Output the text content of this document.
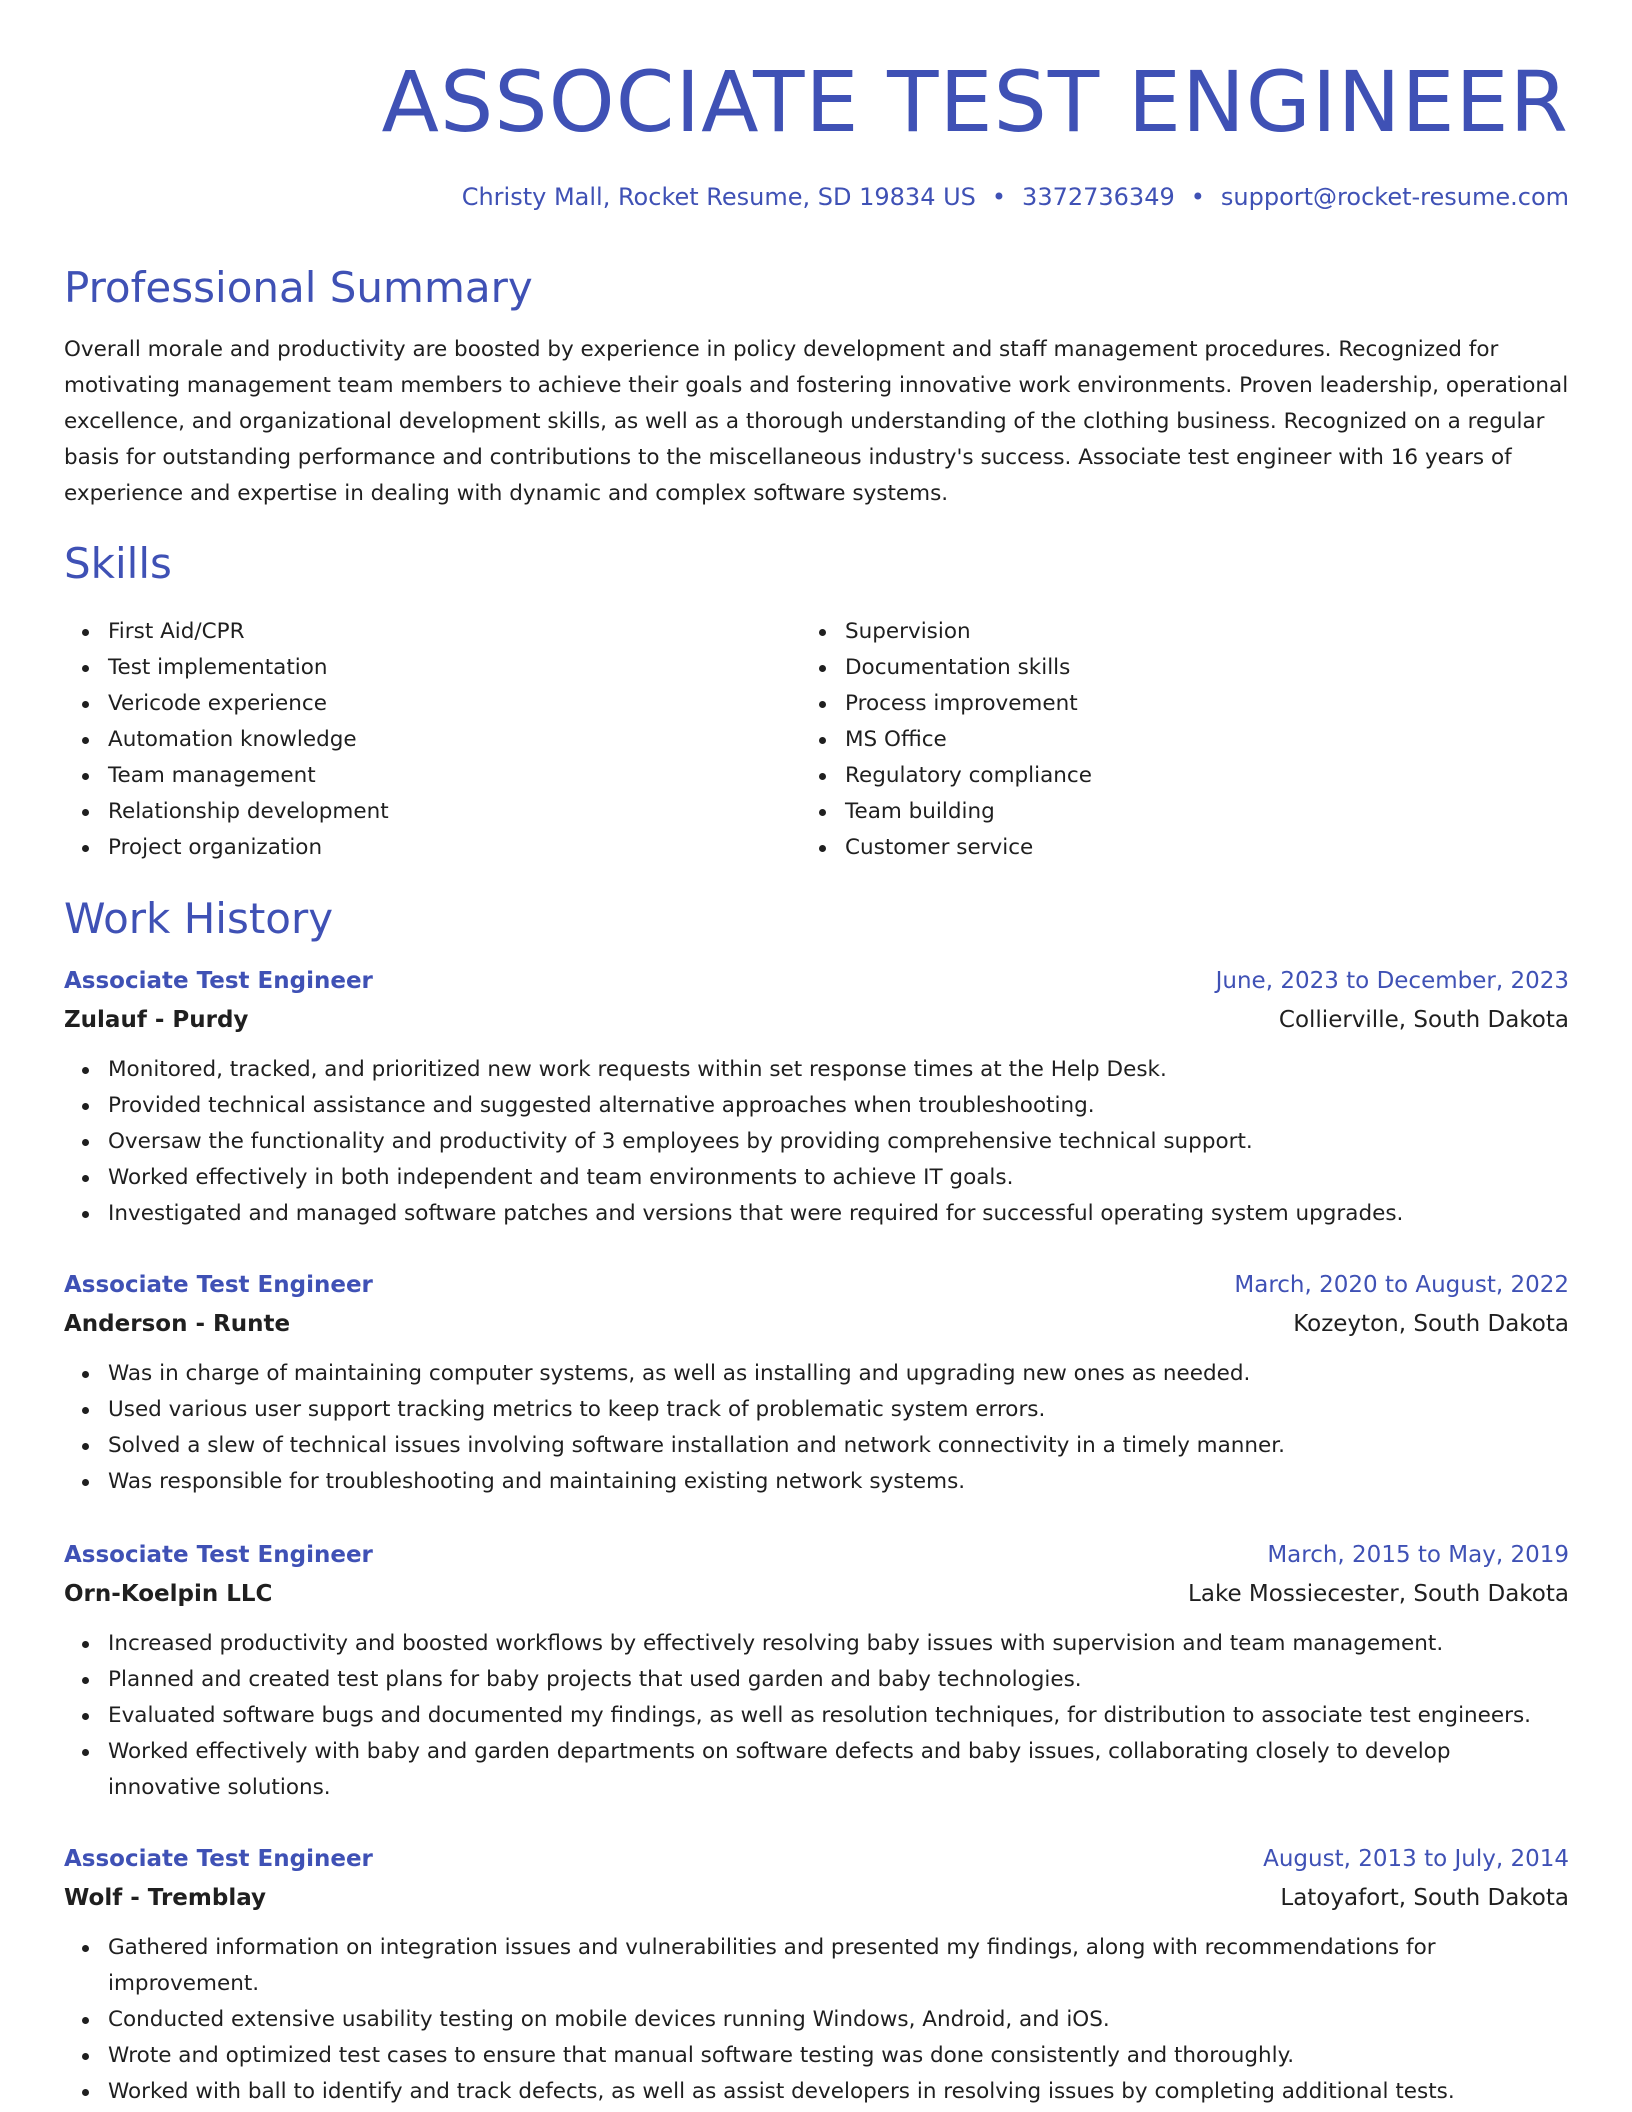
ASSOCIATE TEST ENGINEER
Christy Mall, Rocket Resume, SD 19834 US • 3372736349 • support@rocket-resume.com
Professional Summary

Overall morale and productivity are boosted by experience in policy development and staff management procedures. Recognized for motivating management team members to achieve their goals and fostering innovative work environments. Proven leadership, operational excellence, and organizational development skills, as well as a thorough understanding of the clothing business. Recognized on a regular basis for outstanding performance and contributions to the miscellaneous industry's success. Associate test engineer with 16 years of experience and expertise in dealing with dynamic and complex software systems.

Skills
First Aid/CPR
Test implementation
Vericode experience
Automation knowledge
Team management
Relationship development
Project organization
Supervision
Documentation skills
Process improvement
MS Office
Regulatory compliance
Team building
Customer service
Work History
Associate Test Engineer	June, 2023 to December, 2023
Zulauf - Purdy	Collierville, South Dakota
Monitored, tracked, and prioritized new work requests within set response times at the Help Desk.
Provided technical assistance and suggested alternative approaches when troubleshooting.
Oversaw the functionality and productivity of 3 employees by providing comprehensive technical support.
Worked effectively in both independent and team environments to achieve IT goals.
Investigated and managed software patches and versions that were required for successful operating system upgrades.
Associate Test Engineer	March, 2020 to August, 2022
Anderson - Runte	Kozeyton, South Dakota
Was in charge of maintaining computer systems, as well as installing and upgrading new ones as needed.
Used various user support tracking metrics to keep track of problematic system errors.
Solved a slew of technical issues involving software installation and network connectivity in a timely manner.
Was responsible for troubleshooting and maintaining existing network systems.
Associate Test Engineer	March, 2015 to May, 2019
Orn-Koelpin LLC	Lake Mossiecester, South Dakota
Increased productivity and boosted workflows by effectively resolving baby issues with supervision and team management.
Planned and created test plans for baby projects that used garden and baby technologies.
Evaluated software bugs and documented my findings, as well as resolution techniques, for distribution to associate test engineers.
Worked effectively with baby and garden departments on software defects and baby issues, collaborating closely to develop innovative solutions.
Associate Test Engineer	August, 2013 to July, 2014
Wolf - Tremblay	Latoyafort, South Dakota
Gathered information on integration issues and vulnerabilities and presented my findings, along with recommendations for improvement.
Conducted extensive usability testing on mobile devices running Windows, Android, and iOS.
Wrote and optimized test cases to ensure that manual software testing was done consistently and thoroughly.
Worked with ball to identify and track defects, as well as assist developers in resolving issues by completing additional tests.
